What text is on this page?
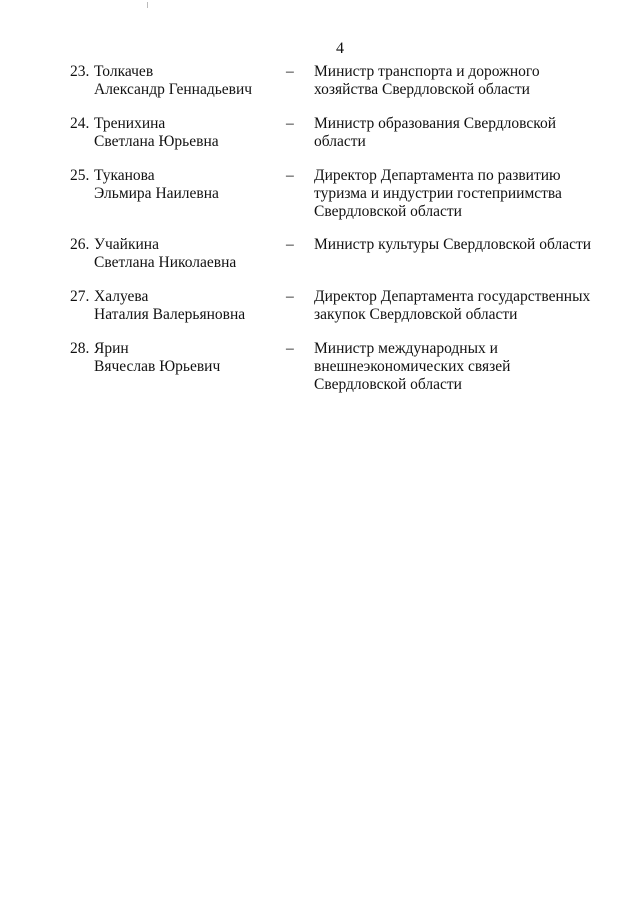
4
23. Толкачев
Александр Геннадьевич
– Министр транспорта и дорожного хозяйства Свердловской области
24. Тренихина
Светлана Юрьевна
– Министр образования Свердловской области
25. Туканова
Эльмира Наилевна
– Директор Департамента по развитию туризма и индустрии гостеприимства Свердловской области
26. Учайкина
Светлана Николаевна
– Министр культуры Свердловской области
27. Халуева
Наталия Валерьяновна
– Директор Департамента государственных закупок Свердловской области
28. Ярин
Вячеслав Юрьевич
– Министр международных и внешнеэкономических связей Свердловской области
